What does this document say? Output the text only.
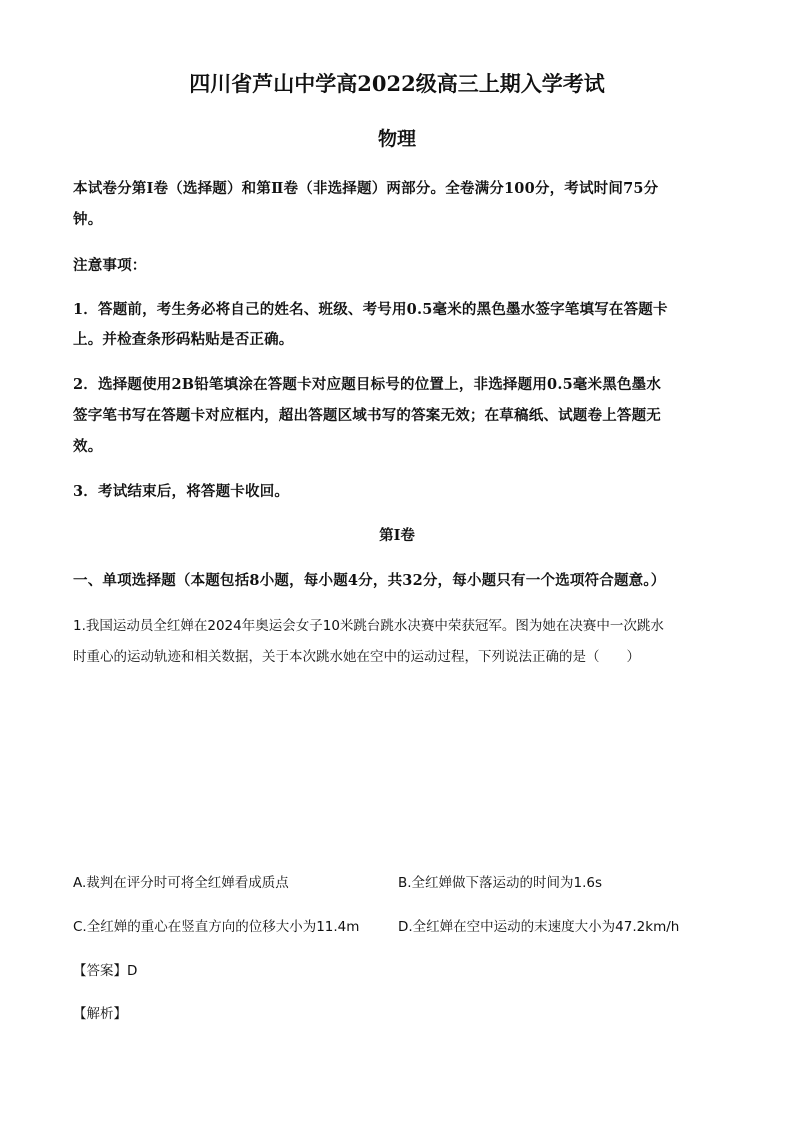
四川省芦山中学高2022级高三上期入学考试
物理
本试卷分第Ⅰ卷（选择题）和第Ⅱ卷（非选择题）两部分。全卷满分100分，考试时间75分
钟。
注意事项：
1．答题前，考生务必将自己的姓名、班级、考号用0.5毫米的黑色墨水签字笔填写在答题卡
上。并检查条形码粘贴是否正确。
2．选择题使用2B铅笔填涂在答题卡对应题目标号的位置上，非选择题用0.5毫米黑色墨水
签字笔书写在答题卡对应框内，超出答题区域书写的答案无效；在草稿纸、试题卷上答题无
效。
3．考试结束后，将答题卡收回。
第Ⅰ卷
一、单项选择题（本题包括8小题，每小题4分，共32分，每小题只有一个选项符合题意。）
1.我国运动员全红婵在2024年奥运会女子10米跳台跳水决赛中荣获冠军。图为她在决赛中一次跳水
时重心的运动轨迹和相关数据，关于本次跳水她在空中的运动过程，下列说法正确的是（　　）
A.裁判在评分时可将全红婵看成质点	B.全红婵做下落运动的时间为1.6s
C.全红婵的重心在竖直方向的位移大小为11.4m	D.全红婵在空中运动的末速度大小为47.2km/h
【答案】D
【解析】
